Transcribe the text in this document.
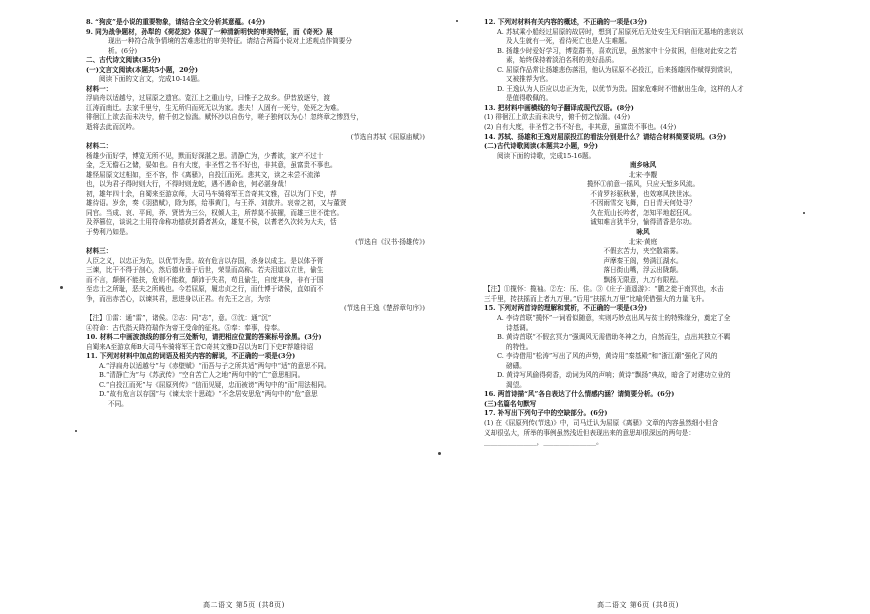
8. “狗皮”是小说的重要物象，请结合全文分析其意蕴。(4分)
9. 同为战争题材，孙犁的《荷花淀》体现了一种清新明快的审美特征，而《奇死》展
现出一种符合战争情境的苦难悲壮的审美特征。请结合两篇小说对上述观点作简要分
析。(6分)
二、古代诗文阅读(35分)
(一)文言文阅读(本题共5小题，20分)
阅读下面的文言文，完成10-14题。
材料一：
浮扁舟以适越兮，过屈原之遗宫。览江上之重山兮，曰惟子之故乡。伊昔放逐兮，渡
江涛而南迁。去家千里兮，生无所归而死无以为家。悲夫！人固有一死兮，处死之为难。
徘徊江上欲去而未决兮，俯千仞之惊湍。赋怀沙以自伤兮，嗟子独何以为心！忽终章之惨烈兮，
逝将去此而沉吟。
(节选自苏轼《屈原庙赋》)
材料二：
杨雄少而好学，博览无所不见，默而好深湛之思。清静亡为，少耆欲，家产不过十
金，乏无儋石之储，晏如也。自有大度，非圣哲之书不好也，非其意，虽富贵不事也。
雄怪屈原文过相如，至不容，作《离骚》，自投江而死。悲其文，读之未尝不流涕
也，以为君子得时则大行，不得时则龙蛇，遇不遇命也，何必湛身哉！
初，雄年四十余，自蜀来至游京师，大司马车骑将军王音奇其文雅，召以为门下史，荐
雄待诏。岁余，奏《羽猎赋》，除为郎，给事黄门，与王莽、刘歆并。哀帝之初，又与董贤
同官。当成、哀、平间，莽、贤皆为三公，权倾人主，所荐莫不拔擢，而雄三世不徙官。
及莽篡位，谈说之士用符命称功德获封爵者甚众，雄复不侯，以耆老久次转为大夫，恬
于势利乃如是。
(节选自《汉书·扬雄传》)
材料三：
人臣之义，以忠正为先，以优节为贵。故有危言以存国，杀身以成主。是以体予胥
三谏，比干不得于剖心，然后德业垂于后世，荣显而高称。若夫泪道以立世，偷生
而不言，颠倒不能扶，危则不能救，颠沛于失君，苟且偷生，自度其身，非有于国
至忠士之所耻，恶夫之所贱也。今若屈原，履忠贞之行，而仕博于诸侯，直如而不
争，而出赤苦心，以谏其君，思进身以正君。有先王之言，为宗
(节选自王逸《楚辞章句序》)
【注】①雷：通“雷”，诸侯。②志：同“志”，意。③沈：通“沉”
④符命：古代指天降符瑞作为帝王受命的征兆。⑤奉：奉事，侍奉。
10. 材料二中画波浪线的部分有三处断句，请把相应位置的答案标号涂黑。(3分)
自蜀来A至游京师B大司马车骑将军王音C奇其文雅D召以为E门下史F荐雄待诏
11. 下列对材料中加点的词语及相关内容的解说，不正确的一项是(3分)
A.“浮扁舟以适越兮”与《赤壁赋》“而吾与子之所共适”两句中“适”的意思不同。
B.“清静亡为”与《苏武传》“空自苦亡人之地”两句中的“亡”意思相同。
C.“自投江而死”与《屈原列传》“信而见疑，忠而被谤”两句中的“而”用法相同。
D.“故有危言以存国”与《谏太宗十思疏》“不念居安思危”两句中的“危”意思
不同。
12. 下列对材料有关内容的概述，不正确的一项是(3分)
A. 苏轼乘小船经过屈原的故居时，想到了屈原死后无处安生无归宿而无墓地的悲哀以
及人生就有一死，看待死亡也是人生难题。
B. 扬雄少时爱好学习，博览群书，喜欢沉思，虽然家中十分贫困，但他对此安之若
素，始终保持着淡泊名利的美好品质。
C. 屈原作品常让扬雄悲伤落泪，他认为屈原不必投江，后来扬雄因作赋得到赏识，
又被推荐为官。
D. 王逸认为人臣应以忠正为先，以优节为贵。国家危难时不惜献出生命，这样的人才
是值得敬佩的。
13. 把材料中画横线的句子翻译成现代汉语。(8分)
(1) 徘徊江上欲去而未决兮，俯千仞之惊湍。(4分)
(2) 自有大度，非圣哲之书不好也，非其意，虽富贵不事也。(4分)
14. 苏轼、扬雄和王逸对屈原投江的看法分别是什么？请结合材料简要说明。(3分)
(二)古代诗歌阅读(本题共2小题，9分)
阅读下面的诗歌，完成15-16题。
南乡咏风
北宋·李觏
揽怀①前意一摇风，只应天堑多风流。
不肯罗衫驱秋暑，也效寒风挟世冰。
不因雨雪交飞舞，白日青天何处寻？
久在荒山长吟者，怎知平地起狂风。
诚知难言犹半分，愉得清香是尔功。
咏风
北宋·黄庭
不假玄苦力，夹空散霜雾。
声摩秦王阁，势满江湖水。
落日街山嘴，浮云出陇颠。
飘扬无限意，九万有限程。
【注】①揽怀：揽袖。②左：压、住。③《庄子·逍遥游》：“鹏之徙于南冥也，水击
三千里，抟扶摇而上者九万里。”后用“扶摇九万里”比喻凭借强大的力量飞升。
15. 下列对两首诗的理解和赏析，不正确的一项是(3分)
A. 李诗首联“揽怀”一词看似随意，实则巧妙点出风与贫士的特殊缘分，奠定了全
诗基调。
B. 黄诗首联“不假玄冥力”强调风无需借助冬神之力，自然而生，点出其独立不羁
的特性。
C. 李诗借用“松涛”写出了风的声势，黄诗用“秦基殿”和“浙江潮”强化了风的
磅礴。
D. 黄诗写风偷得荷香，动词为风的声响；黄诗“飘扬”典故，暗含了对建功立业的
渴望。
16. 两首诗描“风”各自表达了什么情感内涵？请简要分析。(6分)
(三)名篇名句默写
17. 补写出下列句子中的空缺部分。(6分)
(1) 在《屈原列传(节选)》中，司马迁认为屈原《离骚》文章的内容虽然细小但含
义却很弘大，所举的事例虽然浅近但表现出来的意思却很深远的两句是：
________________，________________。
高二语文 第5页 (共8页)	高二语文 第6页 (共8页)
